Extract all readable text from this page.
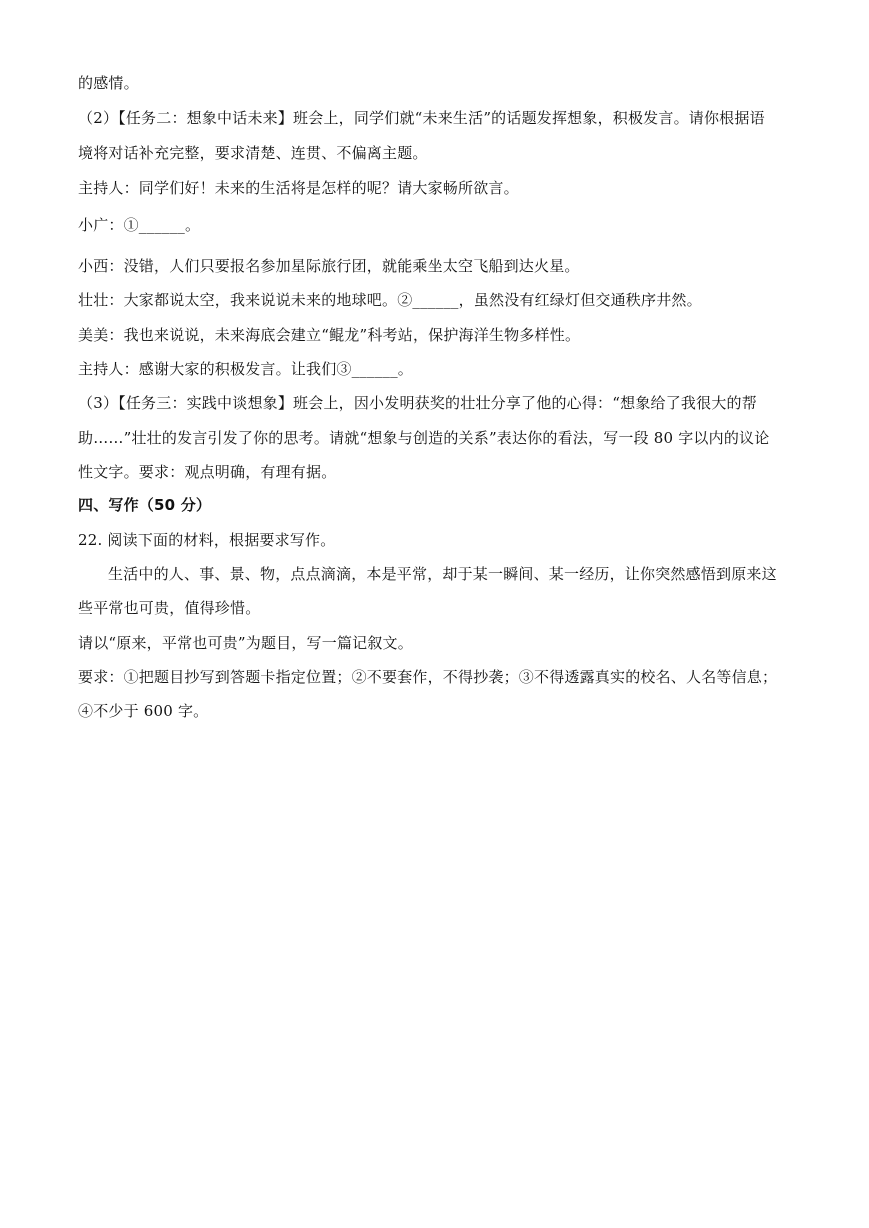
的感情。
（2）【任务二：想象中话未来】班会上，同学们就“未来生活”的话题发挥想象，积极发言。请你根据语
境将对话补充完整，要求清楚、连贯、不偏离主题。
主持人：同学们好！未来的生活将是怎样的呢？请大家畅所欲言。
小广：①______。
小西：没错，人们只要报名参加星际旅行团，就能乘坐太空飞船到达火星。
壮壮：大家都说太空，我来说说未来的地球吧。②______，虽然没有红绿灯但交通秩序井然。
美美：我也来说说，未来海底会建立“鲲龙”科考站，保护海洋生物多样性。
主持人：感谢大家的积极发言。让我们③______。
（3）【任务三：实践中谈想象】班会上，因小发明获奖的壮壮分享了他的心得：“想象给了我很大的帮
助……”壮壮的发言引发了你的思考。请就“想象与创造的关系”表达你的看法，写一段 80 字以内的议论
性文字。要求：观点明确，有理有据。
四、写作（50 分）
22. 阅读下面的材料，根据要求写作。
生活中的人、事、景、物，点点滴滴，本是平常，却于某一瞬间、某一经历，让你突然感悟到原来这
些平常也可贵，值得珍惜。
请以“原来，平常也可贵”为题目，写一篇记叙文。
要求：①把题目抄写到答题卡指定位置；②不要套作，不得抄袭；③不得透露真实的校名、人名等信息；
④不少于 600 字。
